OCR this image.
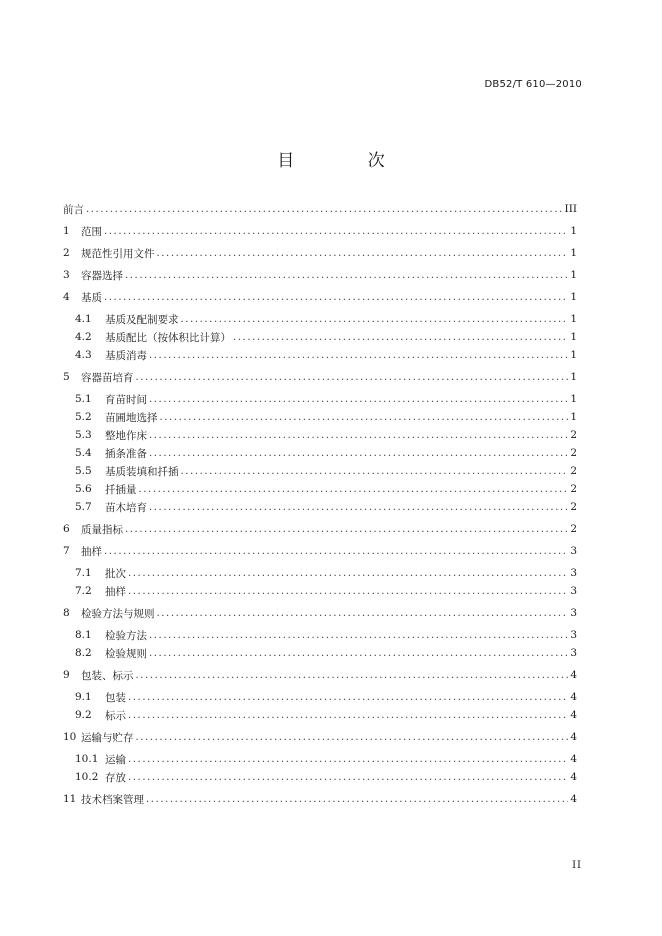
DB52/T 610—2010
目 次
前言 .....	III
1	范围 .....	1
2	规范性引用文件 .....	1
3	容器选择 .....	1
4	基质 .....	1
4.1	基质及配制要求 .....	1
4.2	基质配比（按体积比计算） .....	1
4.3	基质消毒 .....	1
5	容器苗培育 .....	1
5.1	育苗时间 .....	1
5.2	苗圃地选择 .....	1
5.3	整地作床 .....	2
5.4	插条准备 .....	2
5.5	基质装填和扦插 .....	2
5.6	扦插量 .....	2
5.7	苗木培育 .....	2
6	质量指标 .....	2
7	抽样 .....	3
7.1	批次 .....	3
7.2	抽样 .....	3
8	检验方法与规则 .....	3
8.1	检验方法 .....	3
8.2	检验规则 .....	3
9	包装、标示 .....	4
9.1	包装 .....	4
9.2	标示 .....	4
10 运输与贮存 .....	4
10.1 运输 .....	4
10.2 存放 .....	4
11 技术档案管理 .....	4
II
